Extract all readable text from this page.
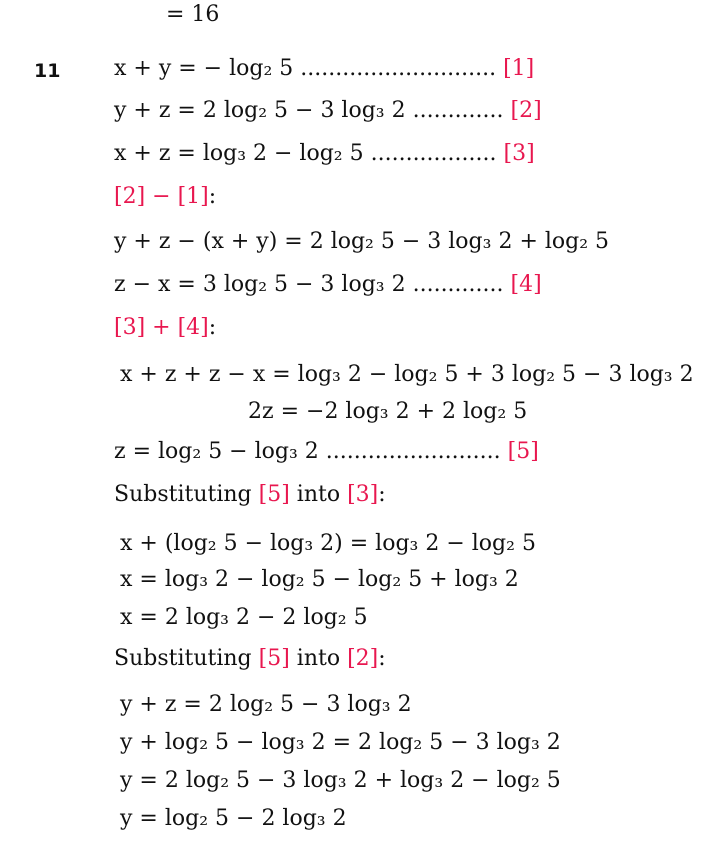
= 16
11 x + y = − log₂ 5 ............................ [1]
y + z = 2 log₂ 5 − 3 log₃ 2 ............. [2]
x + z = log₃ 2 − log₂ 5 .................. [3]
[2] − [1]:
y + z − (x + y) = 2 log₂ 5 − 3 log₃ 2 + log₂ 5
z − x = 3 log₂ 5 − 3 log₃ 2 ............. [4]
[3] + [4]:
x + z + z − x = log₃ 2 − log₂ 5 + 3 log₂ 5 − 3 log₃ 2
2z = −2 log₃ 2 + 2 log₂ 5
z = log₂ 5 − log₃ 2 ......................... [5]
Substituting [5] into [3]:
x + (log₂ 5 − log₃ 2) = log₃ 2 − log₂ 5
x = log₃ 2 − log₂ 5 − log₂ 5 + log₃ 2
x = 2 log₃ 2 − 2 log₂ 5
Substituting [5] into [2]:
y + z = 2 log₂ 5 − 3 log₃ 2
y + log₂ 5 − log₃ 2 = 2 log₂ 5 − 3 log₃ 2
y = 2 log₂ 5 − 3 log₃ 2 + log₃ 2 − log₂ 5
y = log₂ 5 − 2 log₃ 2
